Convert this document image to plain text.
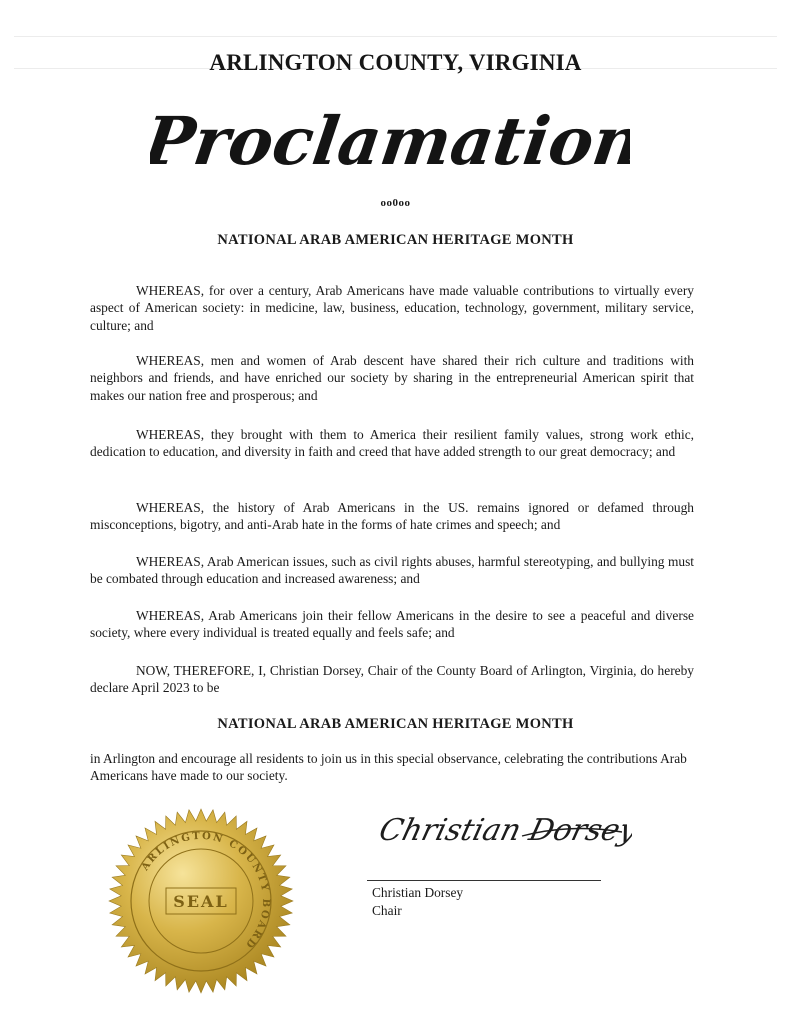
ARLINGTON COUNTY, VIRGINIA
Proclamation
oo0oo
NATIONAL ARAB AMERICAN HERITAGE MONTH

WHEREAS, for over a century, Arab Americans have made valuable contributions to virtually every aspect of American society: in medicine, law, business, education, technology, government, military service, culture; and

WHEREAS, men and women of Arab descent have shared their rich culture and traditions with neighbors and friends, and have enriched our society by sharing in the entrepreneurial American spirit that makes our nation free and prosperous; and

WHEREAS, they brought with them to America their resilient family values, strong work ethic, dedication to education, and diversity in faith and creed that have added strength to our great democracy; and

WHEREAS, the history of Arab Americans in the US. remains ignored or defamed through misconceptions, bigotry, and anti-Arab hate in the forms of hate crimes and speech; and

WHEREAS, Arab American issues, such as civil rights abuses, harmful stereotyping, and bullying must be combated through education and increased awareness; and

WHEREAS, Arab Americans join their fellow Americans in the desire to see a peaceful and diverse society, where every individual is treated equally and feels safe; and

NOW, THEREFORE, I, Christian Dorsey, Chair of the County Board of Arlington, Virginia, do hereby declare April 2023 to be

NATIONAL ARAB AMERICAN HERITAGE MONTH
in Arlington and encourage all residents to join us in this special observance, celebrating the contributions Arab Americans have made to our society.
ARLINGTON COUNTY BOARD
SEAL
Christian Dorsey
Christian Dorsey
Chair
